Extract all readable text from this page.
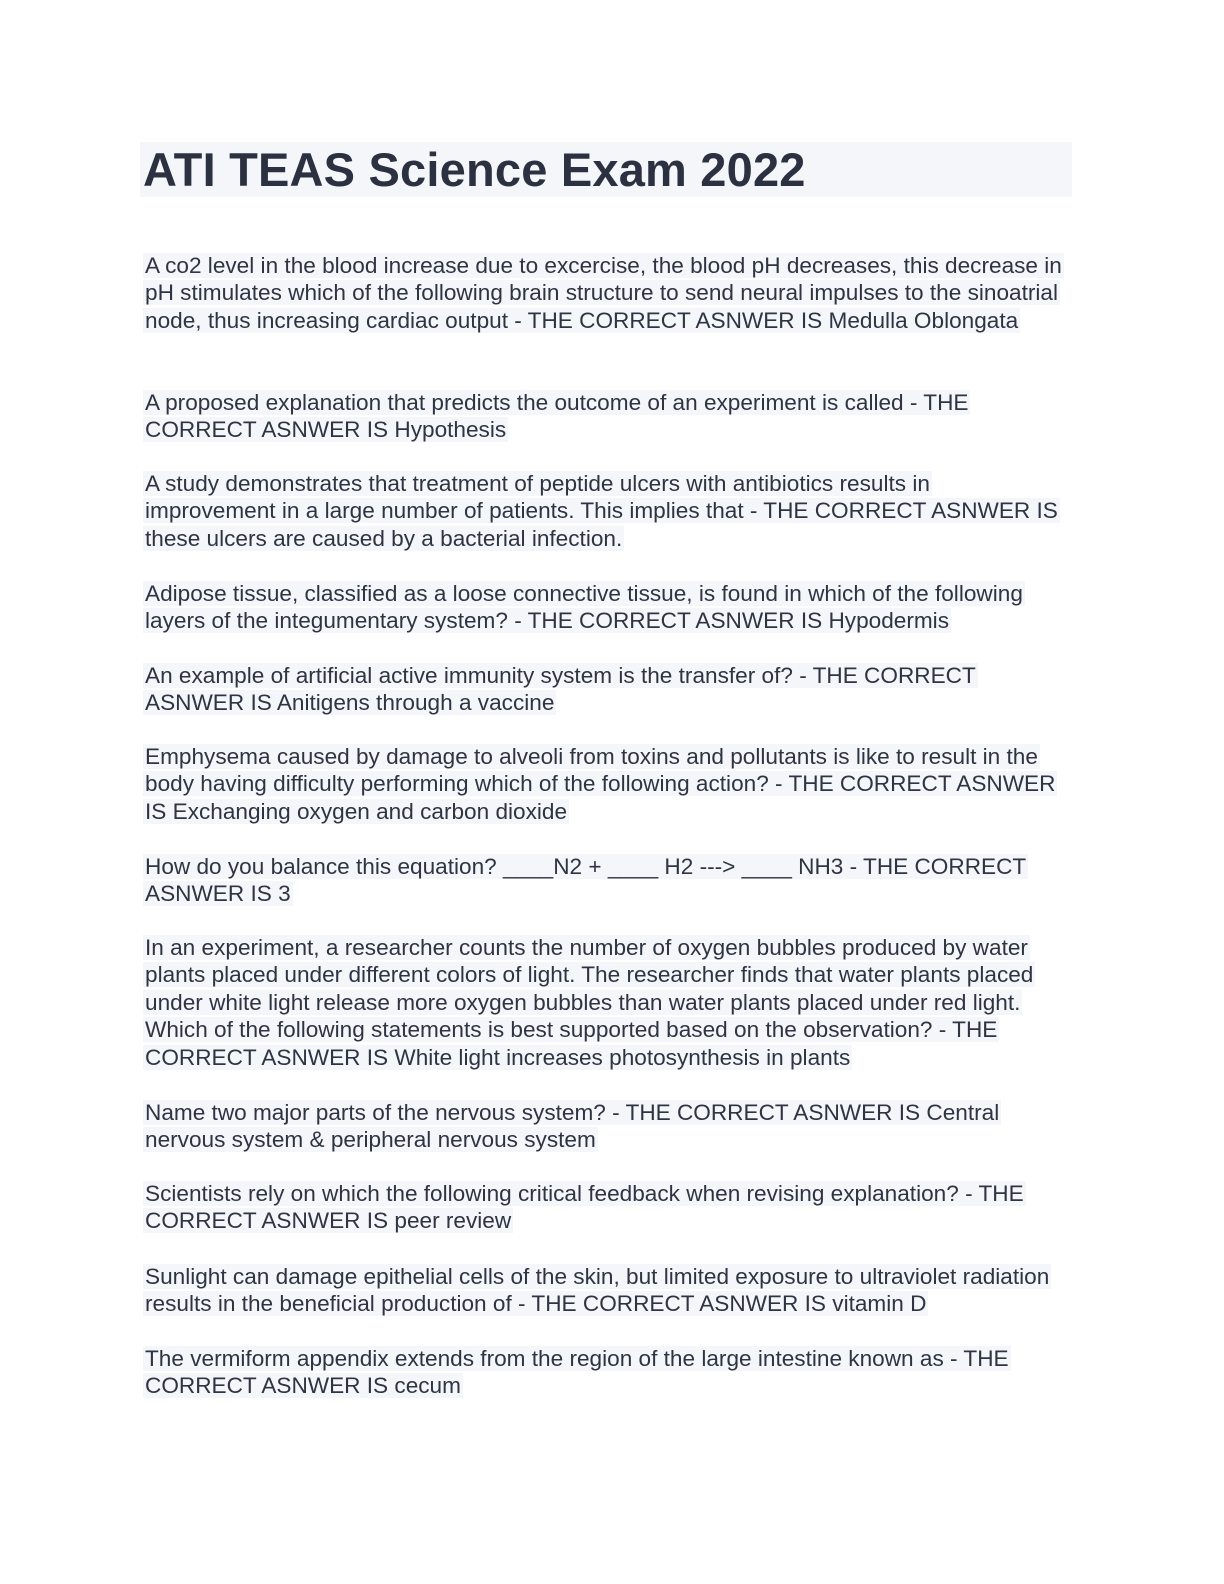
ATI TEAS Science Exam 2022

A co2 level in the blood increase due to excercise, the blood pH decreases, this decrease in pH stimulates which of the following brain structure to send neural impulses to the sinoatrial node, thus increasing cardiac output - THE CORRECT ASNWER IS Medulla Oblongata

A proposed explanation that predicts the outcome of an experiment is called - THE CORRECT ASNWER IS Hypothesis

A study demonstrates that treatment of peptide ulcers with antibiotics results in improvement in a large number of patients. This implies that - THE CORRECT ASNWER IS these ulcers are caused by a bacterial infection.

Adipose tissue, classified as a loose connective tissue, is found in which of the following layers of the integumentary system? - THE CORRECT ASNWER IS Hypodermis

An example of artificial active immunity system is the transfer of? - THE CORRECT ASNWER IS Anitigens through a vaccine

Emphysema caused by damage to alveoli from toxins and pollutants is like to result in the body having difficulty performing which of the following action? - THE CORRECT ASNWER IS Exchanging oxygen and carbon dioxide

How do you balance this equation? ____N2 + ____ H2 ---> ____ NH3 - THE CORRECT ASNWER IS 3

In an experiment, a researcher counts the number of oxygen bubbles produced by water plants placed under different colors of light. The researcher finds that water plants placed under white light release more oxygen bubbles than water plants placed under red light. Which of the following statements is best supported based on the observation? - THE CORRECT ASNWER IS White light increases photosynthesis in plants

Name two major parts of the nervous system? - THE CORRECT ASNWER IS Central nervous system & peripheral nervous system

Scientists rely on which the following critical feedback when revising explanation? - THE CORRECT ASNWER IS peer review

Sunlight can damage epithelial cells of the skin, but limited exposure to ultraviolet radiation results in the beneficial production of - THE CORRECT ASNWER IS vitamin D

The vermiform appendix extends from the region of the large intestine known as - THE CORRECT ASNWER IS cecum
